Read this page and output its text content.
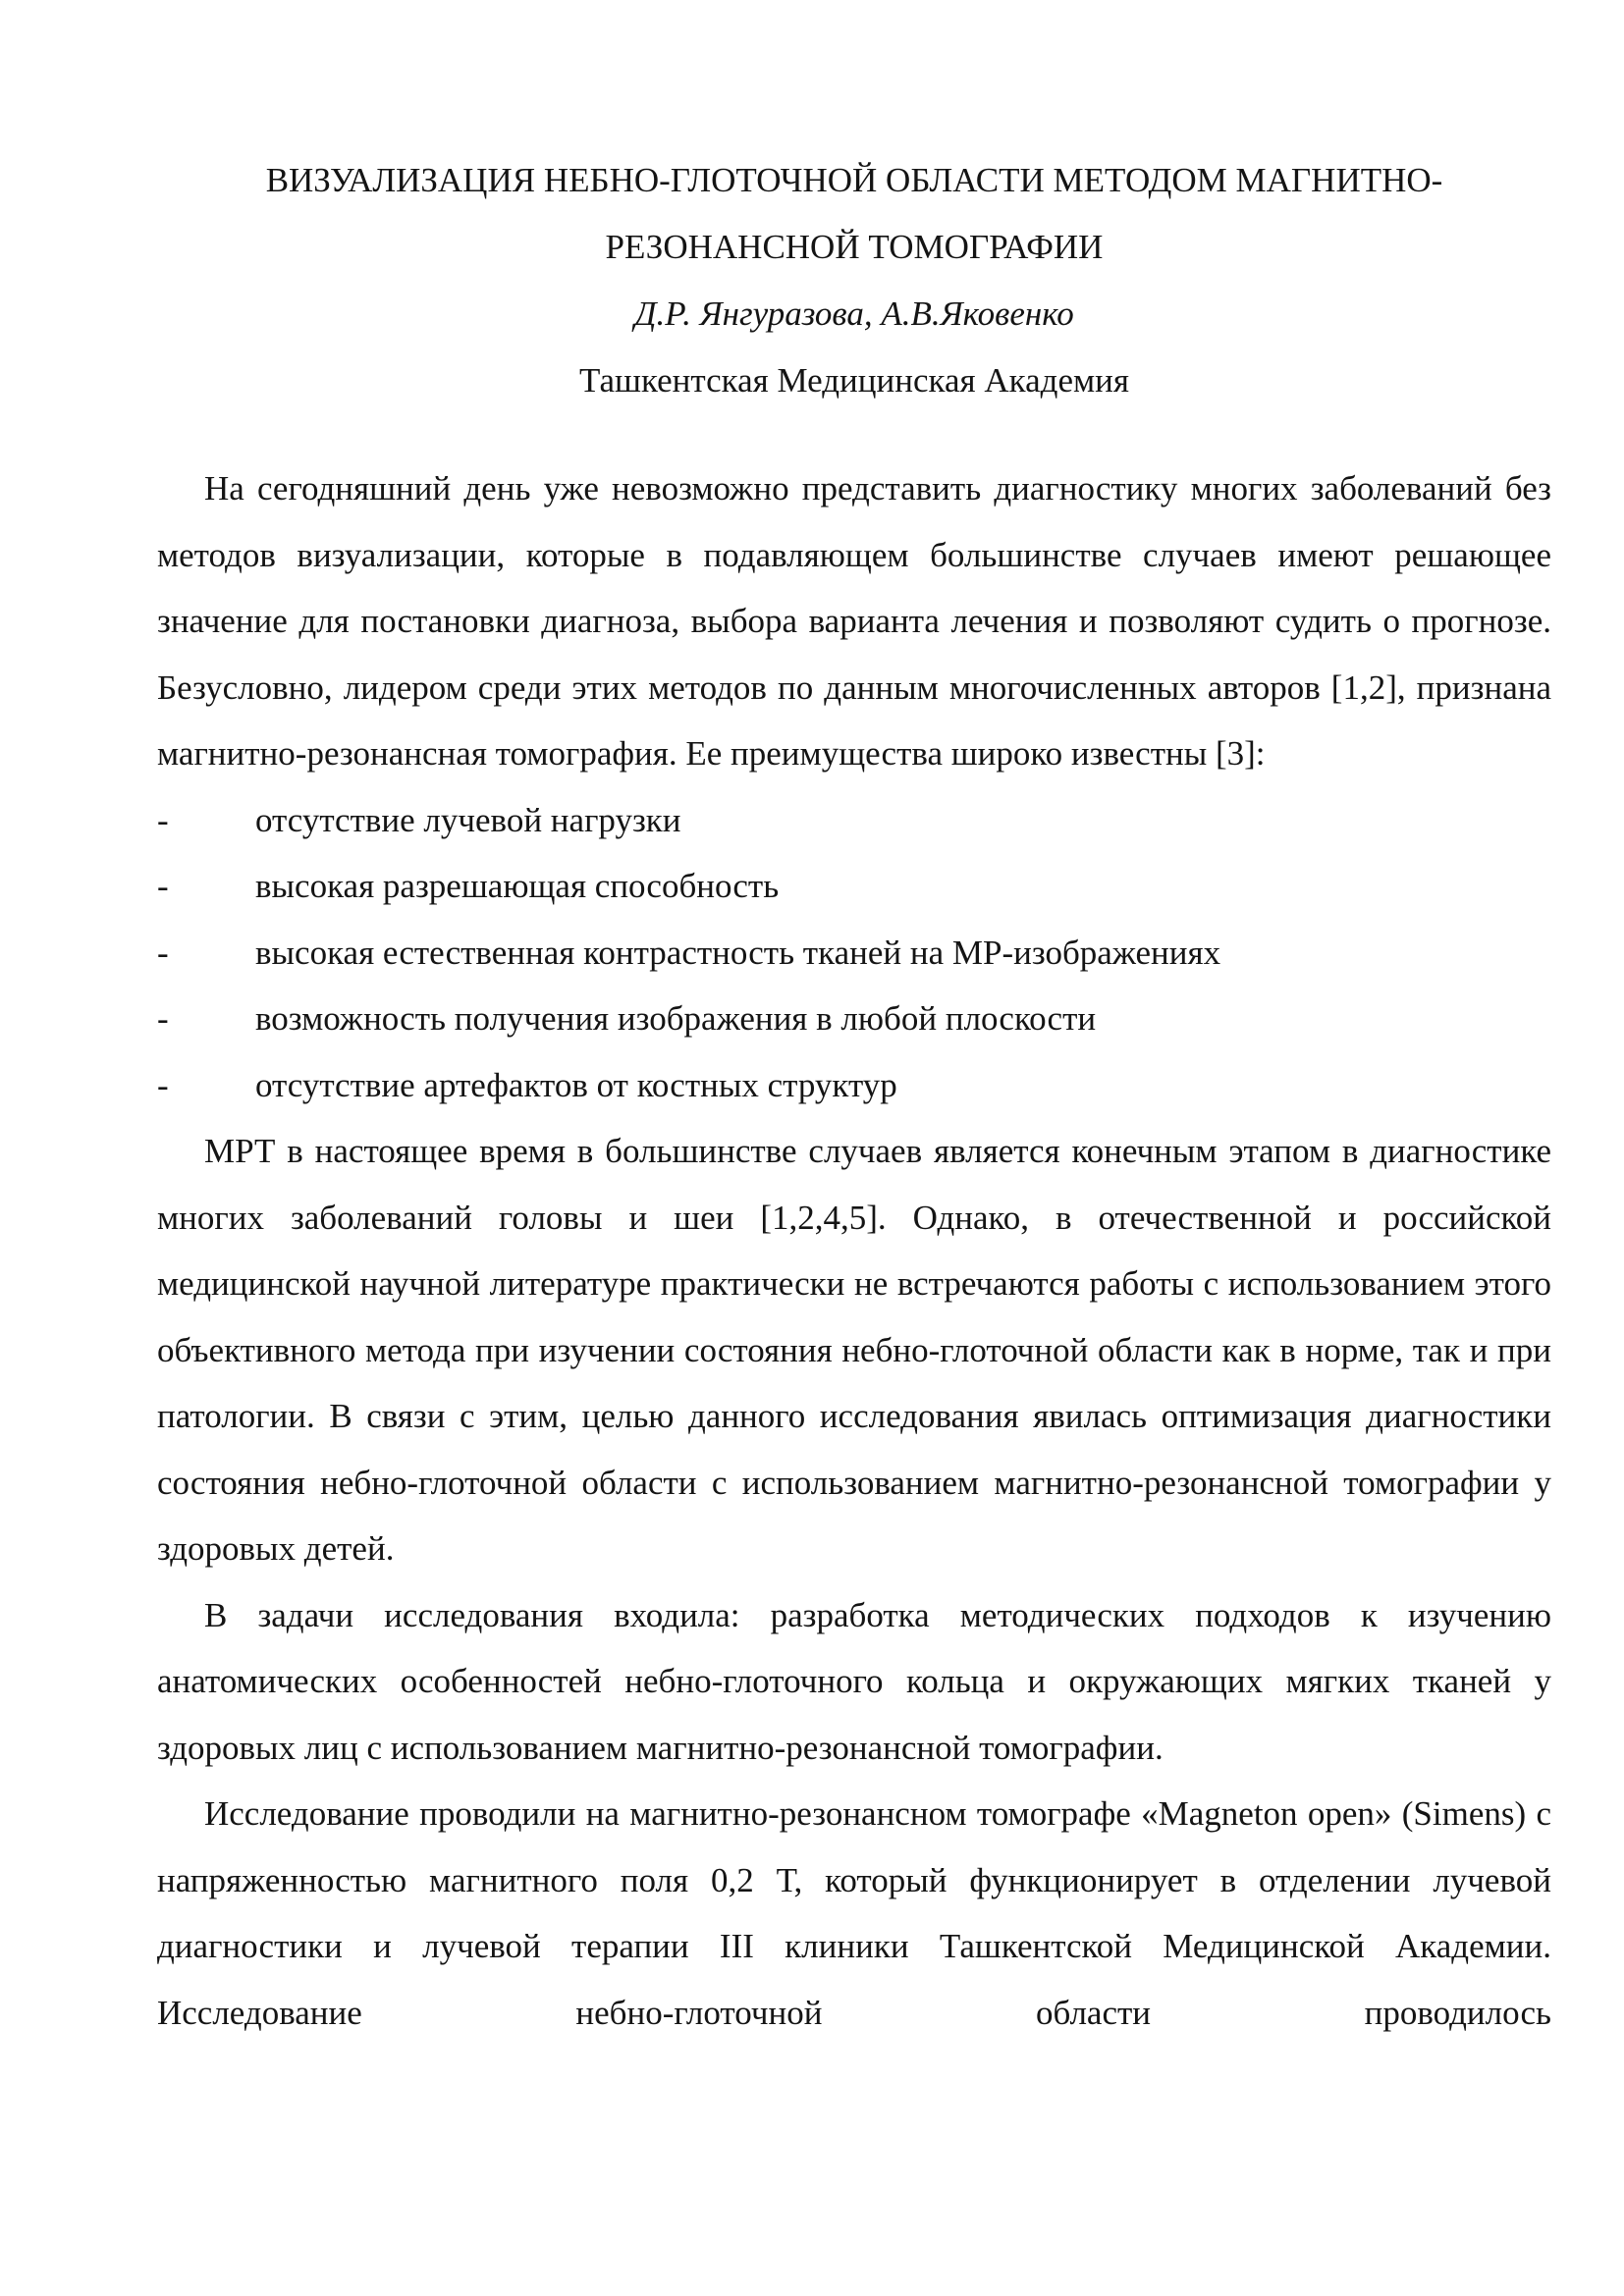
ВИЗУАЛИЗАЦИЯ НЕБНО-ГЛОТОЧНОЙ ОБЛАСТИ МЕТОДОМ МАГНИТНО-
РЕЗОНАНСНОЙ ТОМОГРАФИИ

Д.Р. Янгуразова, А.В.Яковенко

Ташкентская Медицинская Академия

На сегодняшний день уже невозможно представить диагностику многих заболеваний без методов визуализации, которые в подавляющем большинстве случаев имеют решающее значение для постановки диагноза, выбора варианта лечения и позволяют судить о прогнозе. Безусловно, лидером среди этих методов по данным многочисленных авторов [1,2], признана магнитно-резонансная томография. Ее преимущества широко известны [3]:

-	отсутствие лучевой нагрузки
-	высокая разрешающая способность
-	высокая естественная контрастность тканей на МР-изображениях
-	возможность получения изображения в любой плоскости
-	отсутствие артефактов от костных структур

МРТ в настоящее время в большинстве случаев является конечным этапом в диагностике многих заболеваний головы и шеи [1,2,4,5]. Однако, в отечественной и российской медицинской научной литературе практически не встречаются работы с использованием этого объективного метода при изучении состояния небно-глоточной области как в норме, так и при патологии. В связи с этим, целью данного исследования явилась оптимизация диагностики состояния небно-глоточной области с использованием магнитно-резонансной томографии у здоровых детей.

В задачи исследования входила: разработка методических подходов к изучению анатомических особенностей небно-глоточного кольца и окружающих мягких тканей у здоровых лиц с использованием магнитно-резонансной томографии.

Исследование проводили на магнитно-резонансном томографе «Magneton open» (Simens) с напряженностью магнитного поля 0,2 Т, который функционирует в отделении лучевой диагностики и лучевой терапии III клиники Ташкентской Медицинской Академии. Исследование небно-глоточной области проводилось
